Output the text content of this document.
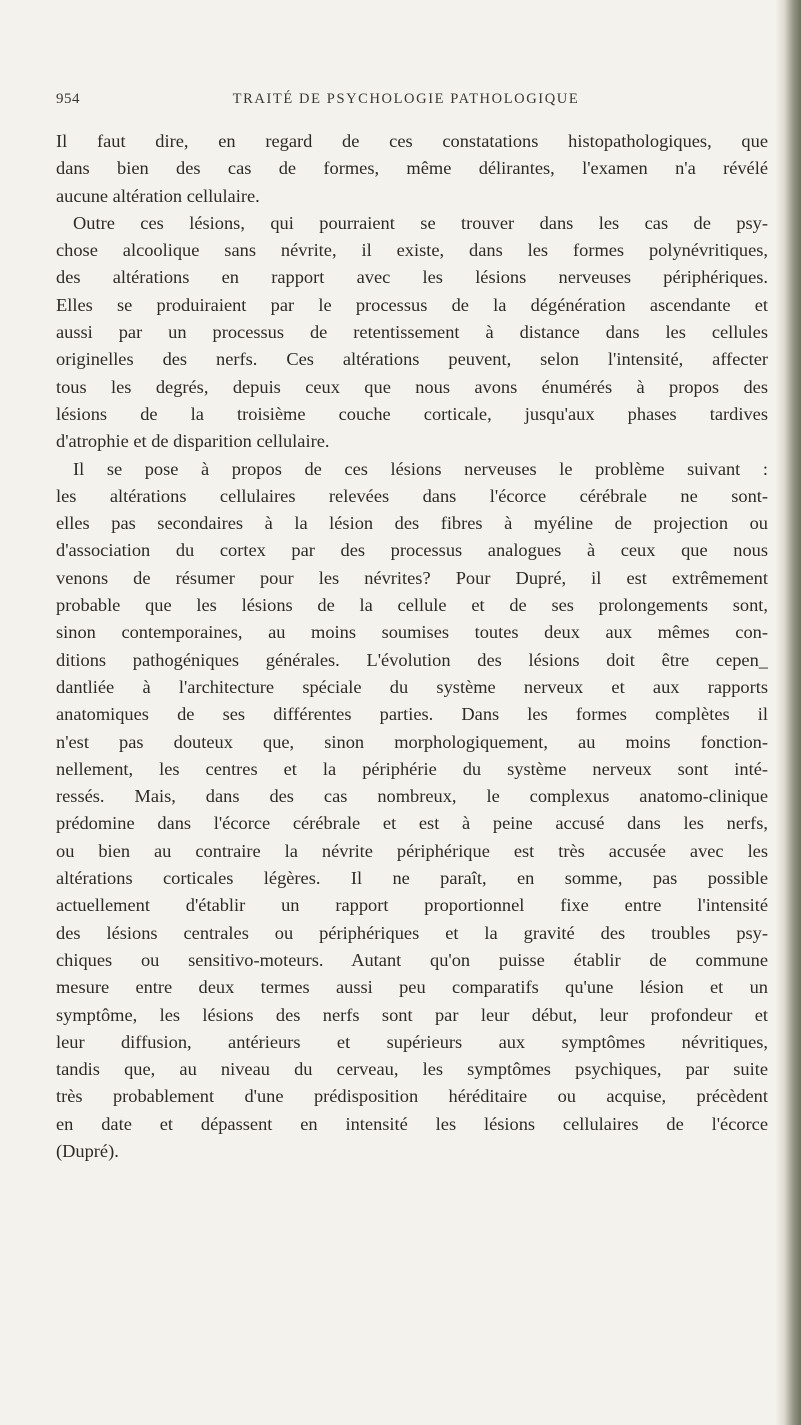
954	TRAITÉ DE PSYCHOLOGIE PATHOLOGIQUE
Il faut dire, en regard de ces constatations histopathologiques, que
dans bien des cas de formes, même délirantes, l'examen n'a révélé
aucune altération cellulaire.
Outre ces lésions, qui pourraient se trouver dans les cas de psy-
chose alcoolique sans névrite, il existe, dans les formes polynévritiques,
des altérations en rapport avec les lésions nerveuses périphériques.
Elles se produiraient par le processus de la dégénération ascendante et
aussi par un processus de retentissement à distance dans les cellules
originelles des nerfs. Ces altérations peuvent, selon l'intensité, affecter
tous les degrés, depuis ceux que nous avons énumérés à propos des
lésions de la troisième couche corticale, jusqu'aux phases tardives
d'atrophie et de disparition cellulaire.
Il se pose à propos de ces lésions nerveuses le problème suivant :
les altérations cellulaires relevées dans l'écorce cérébrale ne sont-
elles pas secondaires à la lésion des fibres à myéline de projection ou
d'association du cortex par des processus analogues à ceux que nous
venons de résumer pour les névrites? Pour Dupré, il est extrêmement
probable que les lésions de la cellule et de ses prolongements sont,
sinon contemporaines, au moins soumises toutes deux aux mêmes con-
ditions pathogéniques générales. L'évolution des lésions doit être cepen_
dantliée à l'architecture spéciale du système nerveux et aux rapports
anatomiques de ses différentes parties. Dans les formes complètes il
n'est pas douteux que, sinon morphologiquement, au moins fonction-
nellement, les centres et la périphérie du système nerveux sont inté-
ressés. Mais, dans des cas nombreux, le complexus anatomo-clinique
prédomine dans l'écorce cérébrale et est à peine accusé dans les nerfs,
ou bien au contraire la névrite périphérique est très accusée avec les
altérations corticales légères. Il ne paraît, en somme, pas possible
actuellement d'établir un rapport proportionnel fixe entre l'intensité
des lésions centrales ou périphériques et la gravité des troubles psy-
chiques ou sensitivo-moteurs. Autant qu'on puisse établir de commune
mesure entre deux termes aussi peu comparatifs qu'une lésion et un
symptôme, les lésions des nerfs sont par leur début, leur profondeur et
leur diffusion, antérieurs et supérieurs aux symptômes névritiques,
tandis que, au niveau du cerveau, les symptômes psychiques, par suite
très probablement d'une prédisposition héréditaire ou acquise, précèdent
en date et dépassent en intensité les lésions cellulaires de l'écorce
(Dupré).
